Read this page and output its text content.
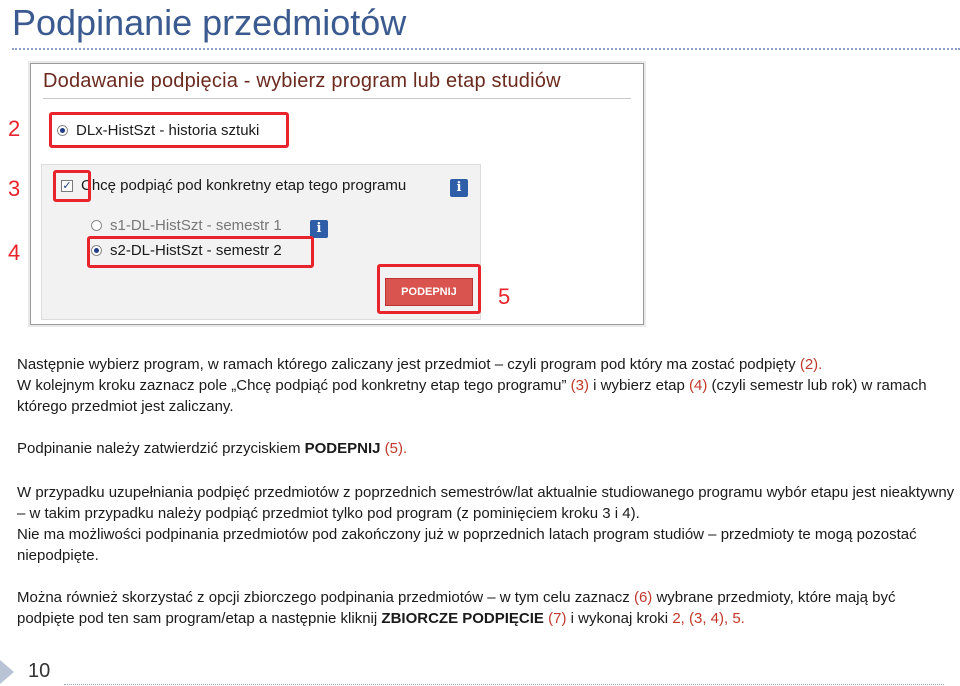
Podpinanie przedmiotów
Dodawanie podpięcia - wybierz program lub etap studiów
DLx-HistSzt - historia sztuki
✓ Chcę podpiąć pod konkretny etap tego programu	i
s1-DL-HistSzt - semestr 1	i
s2-DL-HistSzt - semestr 2
PODEPNIJ
2
3
4
5

Następnie wybierz program, w ramach którego zaliczany jest przedmiot – czyli program pod który ma zostać podpięty (2).
W kolejnym kroku zaznacz pole „Chcę podpiąć pod konkretny etap tego programu” (3) i wybierz etap (4) (czyli semestr lub rok) w ramach którego przedmiot jest zaliczany.

Podpinanie należy zatwierdzić przyciskiem PODEPNIJ (5).

W przypadku uzupełniania podpięć przedmiotów z poprzednich semestrów/lat aktualnie studiowanego programu wybór etapu jest nieaktywny – w takim przypadku należy podpiąć przedmiot tylko pod program (z pominięciem kroku 3 i 4).
Nie ma możliwości podpinania przedmiotów pod zakończony już w poprzednich latach program studiów – przedmioty te mogą pozostać niepodpięte.

Można również skorzystać z opcji zbiorczego podpinania przedmiotów – w tym celu zaznacz (6) wybrane przedmioty, które mają być podpięte pod ten sam program/etap a następnie kliknij ZBIORCZE PODPIĘCIE (7) i wykonaj kroki 2, (3, 4), 5.

10
